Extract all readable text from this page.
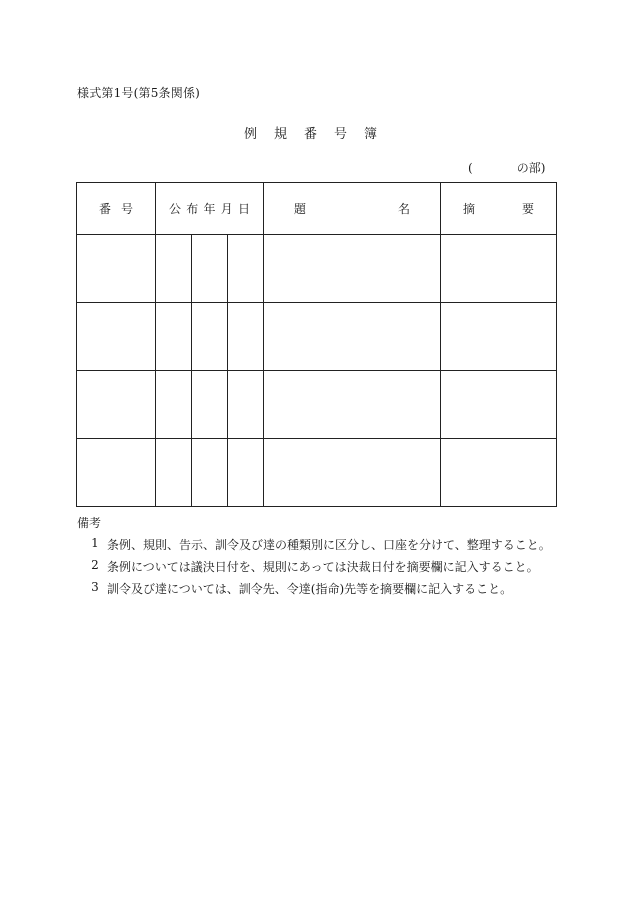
様式第1号(第5条関係)
例規番号簿
(	の部)
番 号	公 布 年 月 日			題 名	摘 要

備考
1 条例、規則、告示、訓令及び達の種類別に区分し、口座を分けて、整理すること。
2 条例については議決日付を、規則にあっては決裁日付を摘要欄に記入すること。
3 訓令及び達については、訓令先、令達(指命)先等を摘要欄に記入すること。
